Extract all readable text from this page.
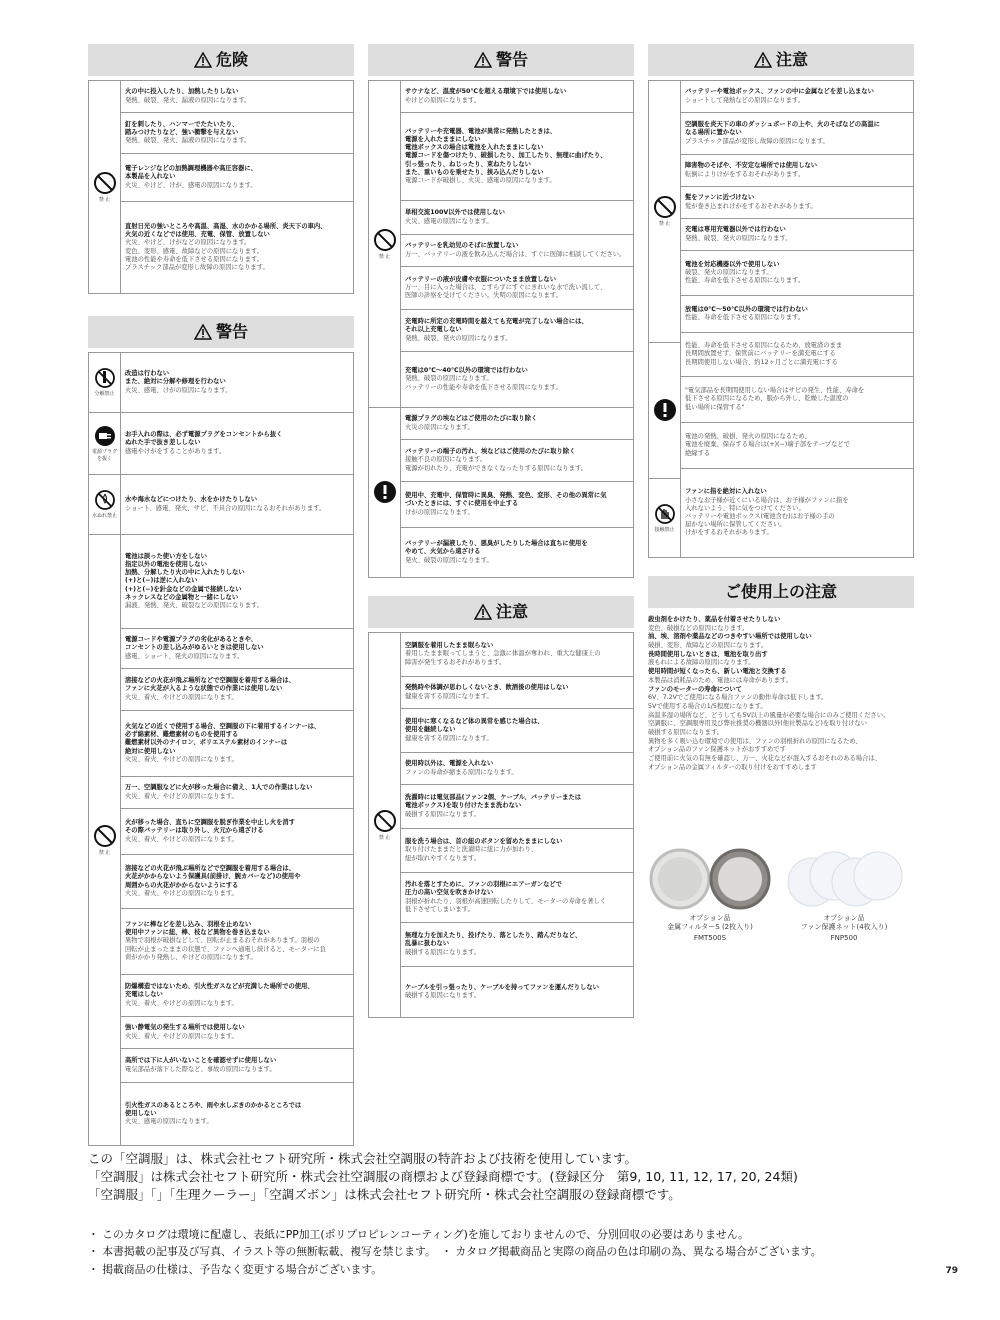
危険
禁 止
火の中に投入したり、加熱したりしない
発熱、破裂、発火、漏液の原因になります。
釘を刺したり、ハンマーでたたいたり、
踏みつけたりなど、強い衝撃を与えない
発熱、破裂、発火、漏液の原因になります。
電子レンジなどの加熱調理機器や高圧容器に、
本製品を入れない
火災、やけど、けが、感電の原因になります。
直射日光の強いところや高温、高湿、水のかかる場所、炎天下の車内、
火気の近くなどでは使用、充電、保管、放置しない
火災、やけど、けがなどの原因になります。
変色、変形、感電、故障などの原因になります。
電池の性能や寿命を低下させる原因になります。
プラスチック部品が変形し故障の原因になります。
警告
分解禁止
電源プラグ
を抜く
水ぬれ禁止
禁 止
改造は行わない
また、絶対に分解や修理を行わない
火災、感電、けがの原因になります。
お手入れの際は、必ず電源プラグをコンセントから抜く
ぬれた手で抜き差ししない
感電やけがをすることがあります。
水や海水などにつけたり、水をかけたりしない
ショート、感電、発火、サビ、不具合の原因になるおそれがあります。
電池は誤った使い方をしない
指定以外の電池を使用しない
加熱、分解したり火の中に入れたりしない
(+)と(−)は逆に入れない
(+)と(−)を針金などの金属で接続しない
ネックレスなどの金属物と一緒にしない
漏液、発熱、発火、破裂などの原因になります。
電源コードや電源プラグの劣化があるときや、
コンセントの差し込みがゆるいときは使用しない
感電、ショート、発火の原因になります。
溶接などの火花が飛ぶ場所などで空調服を着用する場合は、
ファンに火花が入るような状態での作業には使用しない
火災、着火、やけどの原因になります。
火気などの近くで使用する場合、空調服の下に着用するインナーは、
必ず綿素材、難燃素材のものを使用する
難燃素材以外のナイロン、ポリエステル素材のインナーは
絶対に使用しない
火災、着火、やけどの原因になります。
万一、空調服などに火が移った場合に備え、1人での作業はしない
火災、着火、やけどの原因になります。
火が移った場合、直ちに空調服を脱ぎ作業を中止し火を消す
その際バッテリーは取り外し、火元から遠ざける
火災、着火、やけどの原因になります。
溶接などの火花が飛ぶ場所などで空調服を着用する場合は、
火花がかからないよう保護具(前掛け、腕カバーなど)の使用や
周囲からの火花がかからないようにする
火災、着火、やけどの原因になります。
ファンに棒などを差し込み、羽根を止めない
使用中ファンに紐、棒、枝など異物を巻き込まない
異物で羽根が破損などして、回転が止まるおそれがあります。羽根の
回転が止まったままの状態で、ファンへ通電し続けると、モーターに負
荷がかかり発熱し、やけどの原因になります。
防爆構造ではないため、引火性ガスなどが充満した場所での使用、
充電はしない
火災、着火、やけどの原因になります。
強い静電気の発生する場所では使用しない
火災、着火、やけどの原因になります。
高所では下に人がいないことを確認せずに使用しない
電気部品が落下した際など、事故の原因になります。
引火性ガスのあるところや、雨や水しぶきのかかるところでは
使用しない
火災、感電の原因になります。
警告
禁 止
サウナなど、温度が50℃を超える環境下では使用しない
やけどの原因になります。
バッテリーや充電器、電池が異常に発熱したときは、
電源を入れたままにしない
電池ボックスの場合は電池を入れたままにしない
電源コードを傷つけたり、破損したり、加工したり、無理に曲げたり、
引っ張ったり、ねじったり、束ねたりしない
また、重いものを乗せたり、挟み込んだりしない
電源コードが破損し、火災、感電の原因になります。
単相交流100V以外では使用しない
火災、感電の原因になります。
バッテリーを乳幼児のそばに放置しない
万一、バッテリーの液を飲み込んだ場合は、すぐに医師に相談してください。
バッテリーの液が皮膚や衣服についたまま放置しない
万一、目に入った場合は、こすらずにすぐにきれいな水で洗い流して、
医師の診察を受けてください。失明の原因になります。
充電時に所定の充電時間を越えても充電が完了しない場合には、
それ以上充電しない
発熱、破裂、発火の原因になります。
充電は0℃〜40℃以外の環境では行わない
発熱、破裂の原因になります。
バッテリーの性能や寿命を低下させる原因になります。
電源プラグの埃などはご使用のたびに取り除く
火災の原因になります。
バッテリーの端子の汚れ、埃などはご使用のたびに取り除く
接触不良の原因になります。
電源が切れたり、充電ができなくなったりする原因になります。
使用中、充電中、保管時に異臭、発熱、変色、変形、その他の異常に気
づいたときには、すぐに使用を中止する
けがの原因になります。
バッテリーが漏液したり、悪臭がしたりした場合は直ちに使用を
やめて、火気から遠ざける
発火、破裂の原因になります。
注意
禁 止
空調服を着用したまま眠らない
着用したまま眠ってしまうと、急激に体温が奪われ、重大な健康上の
障害が発生するおそれがあります。
発熱時や体調が思わしくないとき、飲酒後の使用はしない
健康を害する原因になります。
使用中に寒くなるなど体の異常を感じた場合は、
使用を継続しない
健康を害する原因になります。
使用時以外は、電源を入れない
ファンの寿命が縮まる原因になります。
洗濯時には電気部品(ファン2個、ケーブル、バッテリーまたは
電池ボックス)を取り付けたまま洗わない
破損する原因になります。
服を洗う場合は、首の紐のボタンを留めたままにしない
取り付けたままだと洗濯時に紐に力が加わり、
紐が取れやすくなります。
汚れを落とすために、ファンの羽根にエアーガンなどで
圧力の高い空気を吹きかけない
羽根が折れたり、羽根が高速回転したりして、モーターの寿命を著しく
低下させてしまいます。
無理な力を加えたり、投げたり、落としたり、踏んだりなど、
乱暴に扱わない
破損する原因になります。
ケーブルを引っ張ったり、ケーブルを持ってファンを運んだりしない
破損する原因になります。
注意
禁 止
接触禁止
バッテリーや電池ボックス、ファンの中に金属などを差し込まない
ショートして発熱などの原因になります。
空調服を炎天下の車のダッシュボードの上や、火のそばなどの高温に
なる場所に置かない
プラスチック部品が変形し故障の原因になります。
障害物のそばや、不安定な場所では使用しない
転倒によりけがをするおそれがあります。
髪をファンに近づけない
髪が巻き込まれけがをするおそれがあります。
充電は専用充電器以外では行わない
発熱、破裂、発火の原因になります。
電池を対応機器以外で使用しない
破裂、発火の原因になります。
性能、寿命を低下させる原因になります。
放電は0℃〜50℃以外の環境では行わない
性能、寿命を低下させる原因になります。
性能、寿命を低下させる原因になるため、放電済のまま
長期間放置せず、保管前にバッテリーを満充電にする
長期間使用しない場合、約12ヶ月ごとに満充電にする
"電気部品を長期間使用しない場合はサビの発生、性能、寿命を
低下させる原因になるため、服から外し、乾燥した温度の
低い場所に保管する"
電池の発熱、破損、発火の原因になるため、
電池を廃棄、保存する場合は(+)(−)端子部をテープなどで
絶縁する
ファンに指を絶対に入れない
小さなお子様が近くにいる場合は、お子様がファンに指を
入れないよう、特に気をつけてください。
バッテリーや電池ボックス(電池含む)はお子様の手の
届かない場所に保管してください。
けがをするおそれがあります。
ご使用上の注意
殺虫剤をかけたり、薬品を付着させたりしない
変色、破損などの原因になります。
油、埃、溶剤や薬品などのつきやすい場所では使用しない
破損、変形、故障などの原因になります。
長時間使用しないときは、電池を取り出す
液もれによる故障の原因になります。
使用時間が短くなったら、新しい電池と交換する
本製品は消耗品のため、電池には寿命があります。
ファンのモーターの寿命について
6V、7.2Vでご使用になる場合ファンの動作寿命は低下します。
5Vで使用する場合の1/5程度になります。
高温多湿の場所など、どうしても5V以上の風量が必要な場合にのみご使用ください。
空調服に、空調服専用及び弊社推奨の機器以外(他社製品など)を取り付けない
破損する原因になります。
異物を多く吸い込む環境での使用は、ファンの羽根折れの原因になるため、
オプション品のファン保護ネットがおすすめです
ご使用前に火気の有無を確認し、万一、火花などが混入するおそれのある場合は、
オプション品の金属フィルターの取り付けをおすすめします
オプション品
金属フィルターS (2枚入り)
FMT500S
オプション品
ファン保護ネット(4枚入り)
FNP500
この「空調服」は、株式会社セフト研究所・株式会社空調服の特許および技術を使用しています。
「空調服」は株式会社セフト研究所・株式会社空調服の商標および登録商標です。(登録区分　第9, 10, 11, 12, 17, 20, 24類)
「空調服」「」「生理クーラー」「空調ズボン」は株式会社セフト研究所・株式会社空調服の登録商標です。
・ このカタログは環境に配慮し、表紙にPP加工(ポリプロピレンコーティング)を施しておりませんので、分別回収の必要はありません。
・ 本書掲載の記事及び写真、イラスト等の無断転載、複写を禁じます。　・ カタログ掲載商品と実際の商品の色は印刷の為、異なる場合がございます。
・ 掲載商品の仕様は、予告なく変更する場合がございます。	79
